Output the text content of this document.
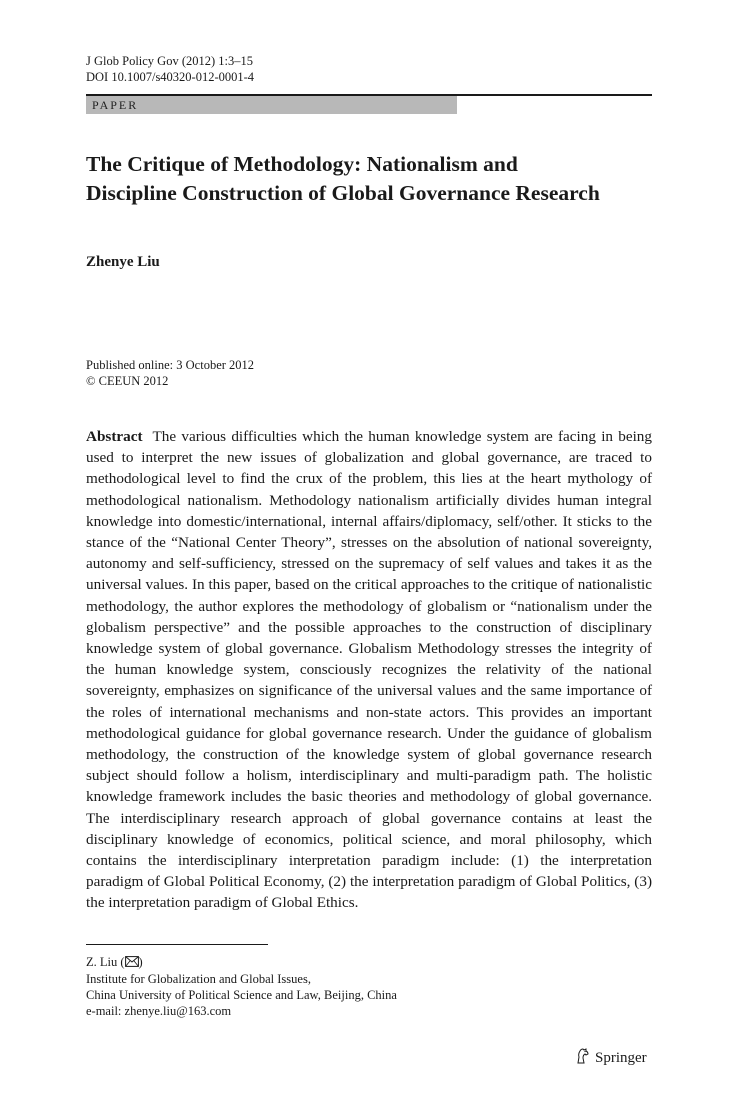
J Glob Policy Gov (2012) 1:3–15
DOI 10.1007/s40320-012-0001-4
PAPER
The Critique of Methodology: Nationalism and Discipline Construction of Global Governance Research
Zhenye Liu
Published online: 3 October 2012
© CEEUN 2012

Abstract The various difficulties which the human knowledge system are facing in being used to interpret the new issues of globalization and global governance, are traced to methodological level to find the crux of the problem, this lies at the heart mythology of methodological nationalism. Methodology nationalism artificially divides human integral knowledge into domestic/international, internal affairs/diplomacy, self/other. It sticks to the stance of the “National Center Theory”, stresses on the absolution of national sovereignty, autonomy and self-sufficiency, stressed on the supremacy of self values and takes it as the universal values. In this paper, based on the critical approaches to the critique of nationalistic methodology, the author explores the methodology of globalism or “nationalism under the globalism perspective” and the possible approaches to the construction of disciplinary knowledge system of global governance. Globalism Methodology stresses the integrity of the human knowledge system, consciously recognizes the relativity of the national sovereignty, emphasizes on significance of the universal values and the same importance of the roles of international mechanisms and non-state actors. This provides an important methodological guidance for global governance research. Under the guidance of globalism methodology, the construction of the knowledge system of global governance research subject should follow a holism, interdisciplinary and multi-paradigm path. The holistic knowledge framework includes the basic theories and methodology of global governance. The interdisciplinary research approach of global governance contains at least the disciplinary knowledge of economics, political science, and moral philosophy, which contains the interdisciplinary interpretation paradigm include: (1) the interpretation paradigm of Global Political Economy, (2) the interpretation paradigm of Global Politics, (3) the interpretation paradigm of Global Ethics.

Z. Liu ( )
Institute for Globalization and Global Issues,
China University of Political Science and Law, Beijing, China
e-mail: zhenye.liu@163.com
Springer
